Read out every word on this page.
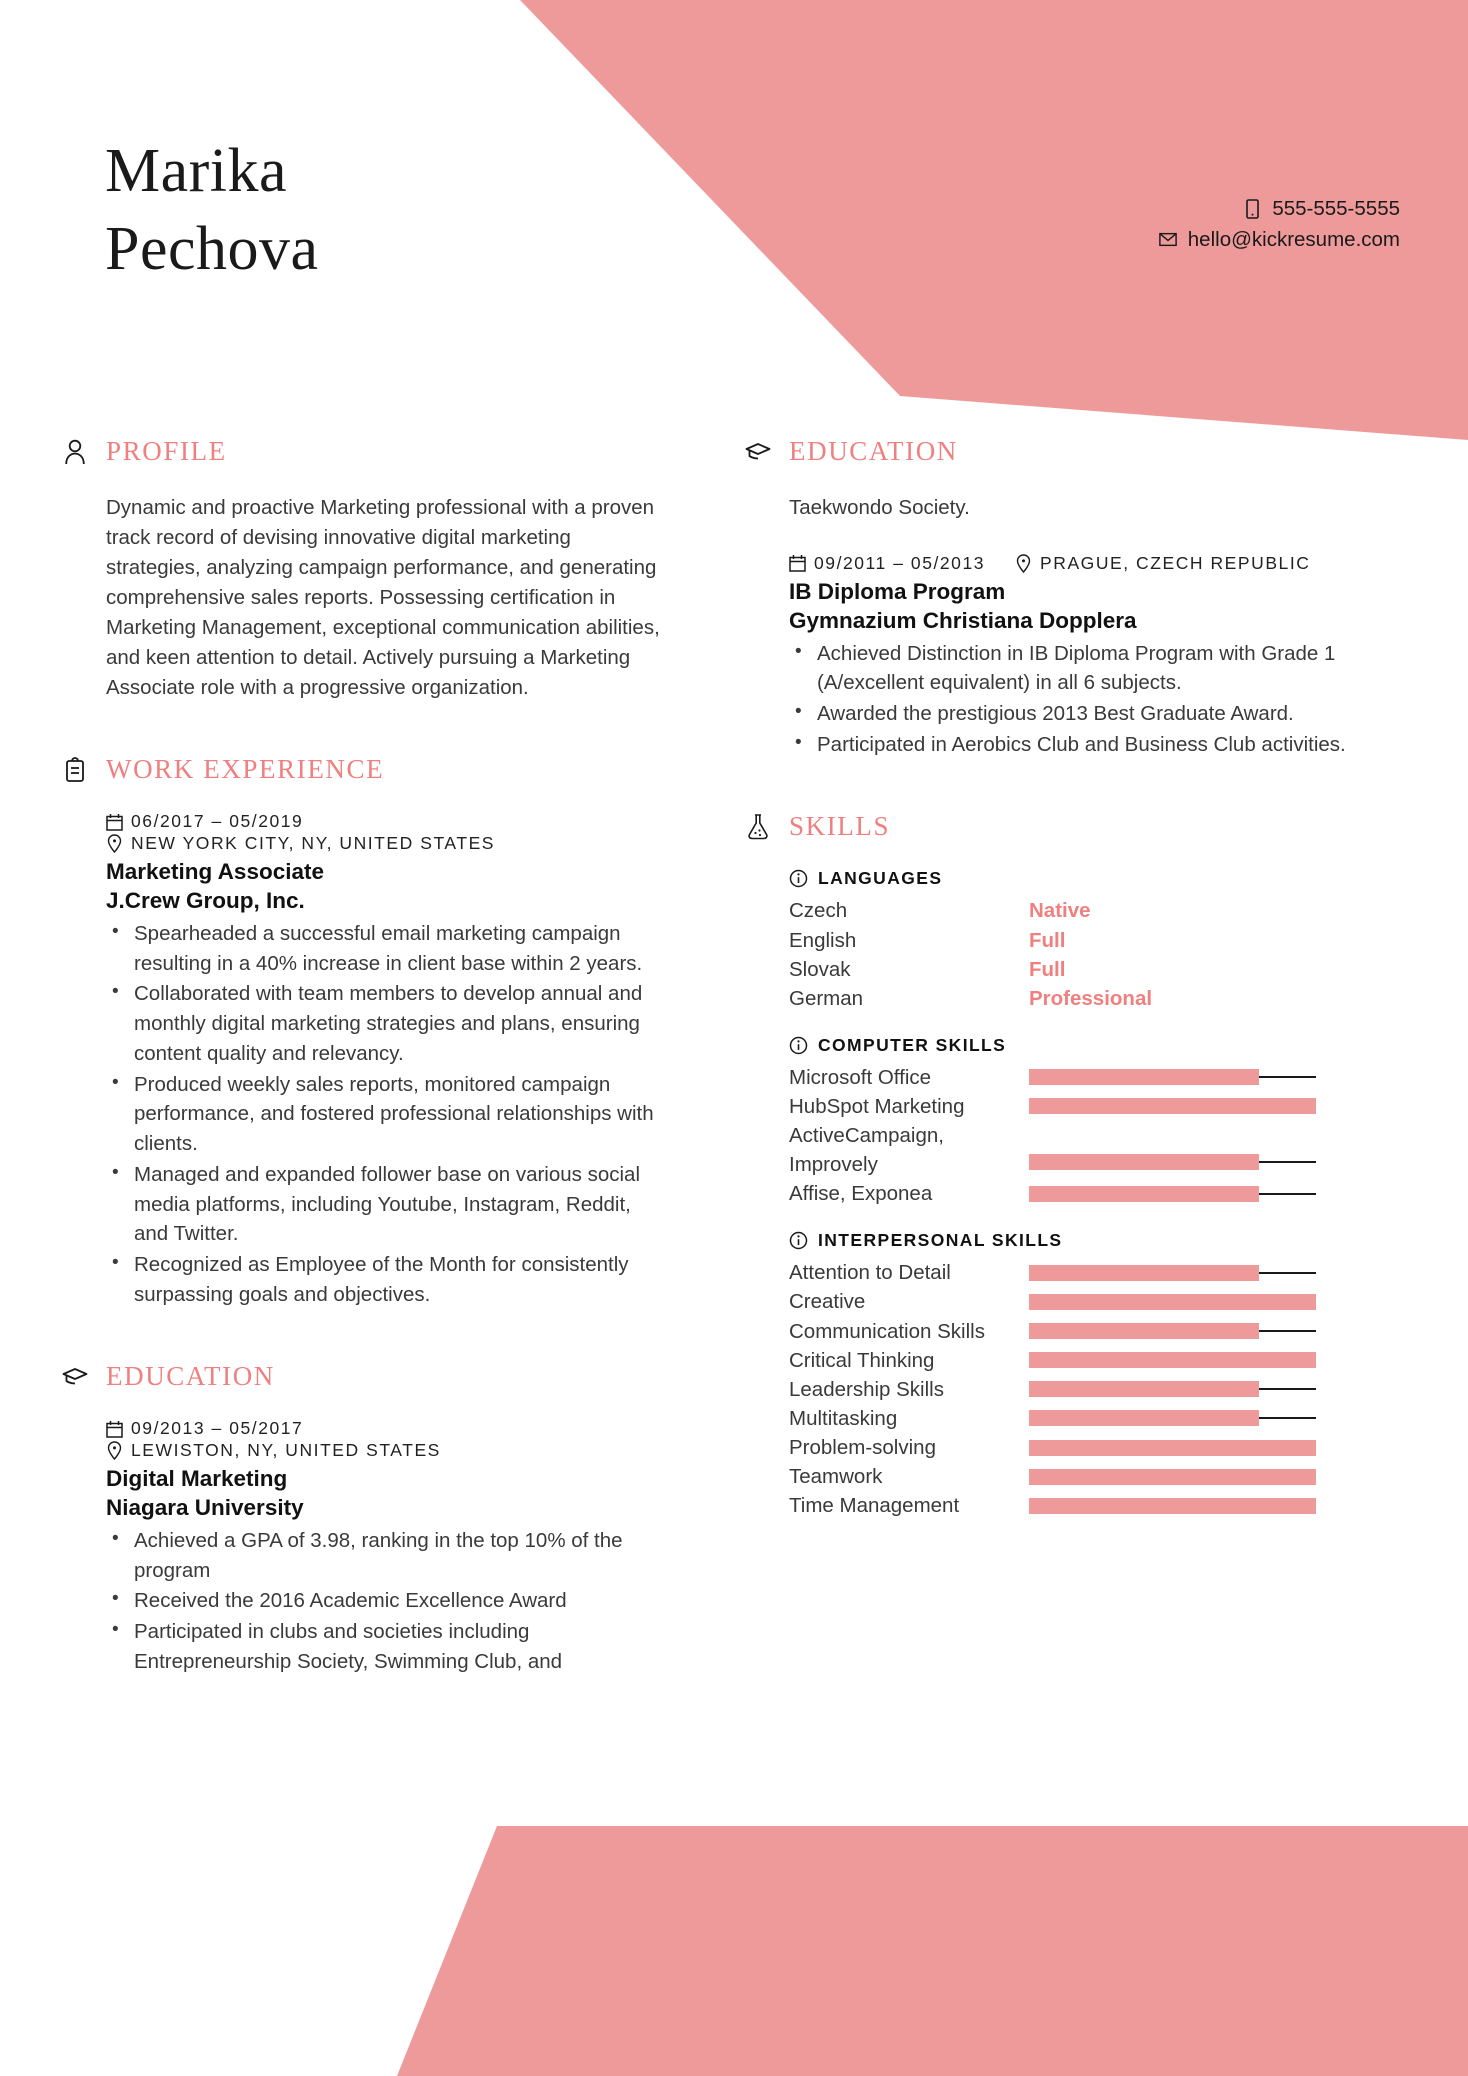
Marika
Pechova
555-555-5555
hello@kickresume.com
PROFILE
Dynamic and proactive Marketing professional with a proven track record of devising innovative digital marketing strategies, analyzing campaign performance, and generating comprehensive sales reports. Possessing certification in Marketing Management, exceptional communication abilities, and keen attention to detail. Actively pursuing a Marketing Associate role with a progressive organization.
WORK EXPERIENCE
06/2017 – 05/2019
NEW YORK CITY, NY, UNITED STATES
Marketing Associate
J.Crew Group, Inc.
• Spearheaded a successful email marketing campaign resulting in a 40% increase in client base within 2 years.
• Collaborated with team members to develop annual and monthly digital marketing strategies and plans, ensuring content quality and relevancy.
• Produced weekly sales reports, monitored campaign performance, and fostered professional relationships with clients.
• Managed and expanded follower base on various social media platforms, including Youtube, Instagram, Reddit, and Twitter.
• Recognized as Employee of the Month for consistently surpassing goals and objectives.
EDUCATION
09/2013 – 05/2017
LEWISTON, NY, UNITED STATES
Digital Marketing
Niagara University
• Achieved a GPA of 3.98, ranking in the top 10% of the program
• Received the 2016 Academic Excellence Award
• Participated in clubs and societies including Entrepreneurship Society, Swimming Club, and
EDUCATION
Taekwondo Society.
09/2011 – 05/2013	PRAGUE, CZECH REPUBLIC
IB Diploma Program
Gymnazium Christiana Dopplera
• Achieved Distinction in IB Diploma Program with Grade 1 (A/excellent equivalent) in all 6 subjects.
• Awarded the prestigious 2013 Best Graduate Award.
• Participated in Aerobics Club and Business Club activities.
SKILLS
LANGUAGES
Czech	Native
English	Full
Slovak	Full
German	Professional
COMPUTER SKILLS
Microsoft Office
HubSpot Marketing
ActiveCampaign, Improvely
Affise, Exponea
INTERPERSONAL SKILLS
Attention to Detail
Creative
Communication Skills
Critical Thinking
Leadership Skills
Multitasking
Problem-solving
Teamwork
Time Management
